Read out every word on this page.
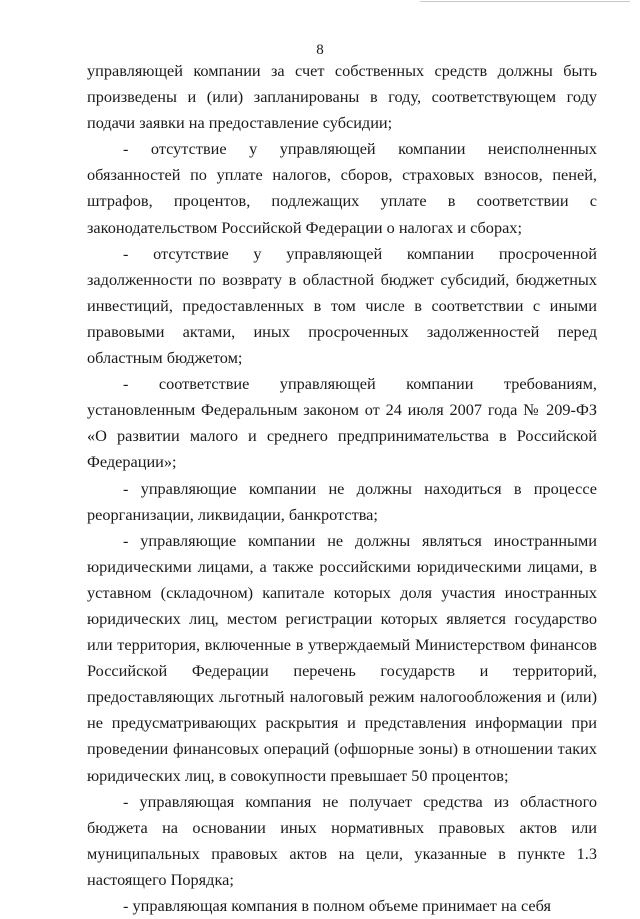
8

управляющей компании за счет собственных средств должны быть произведены и (или) запланированы в году, соответствующем году подачи заявки на предоставление субсидии;

- отсутствие у управляющей компании неисполненных обязанностей по уплате налогов, сборов, страховых взносов, пеней, штрафов, процентов, подлежащих уплате в соответствии с законодательством Российской Федерации о налогах и сборах;

- отсутствие у управляющей компании просроченной задолженности по возврату в областной бюджет субсидий, бюджетных инвестиций, предоставленных в том числе в соответствии с иными правовыми актами, иных просроченных задолженностей перед областным бюджетом;

- соответствие управляющей компании требованиям, установленным Федеральным законом от 24 июля 2007 года № 209-ФЗ «О развитии малого и среднего предпринимательства в Российской Федерации»;

- управляющие компании не должны находиться в процессе реорганизации, ликвидации, банкротства;

- управляющие компании не должны являться иностранными юридическими лицами, а также российскими юридическими лицами, в уставном (складочном) капитале которых доля участия иностранных юридических лиц, местом регистрации которых является государство или территория, включенные в утверждаемый Министерством финансов Российской Федерации перечень государств и территорий, предоставляющих льготный налоговый режим налогообложения и (или) не предусматривающих раскрытия и представления информации при проведении финансовых операций (офшорные зоны) в отношении таких юридических лиц, в совокупности превышает 50 процентов;

- управляющая компания не получает средства из областного бюджета на основании иных нормативных правовых актов или муниципальных правовых актов на цели, указанные в пункте 1.3 настоящего Порядка;

- управляющая компания в полном объеме принимает на себя
